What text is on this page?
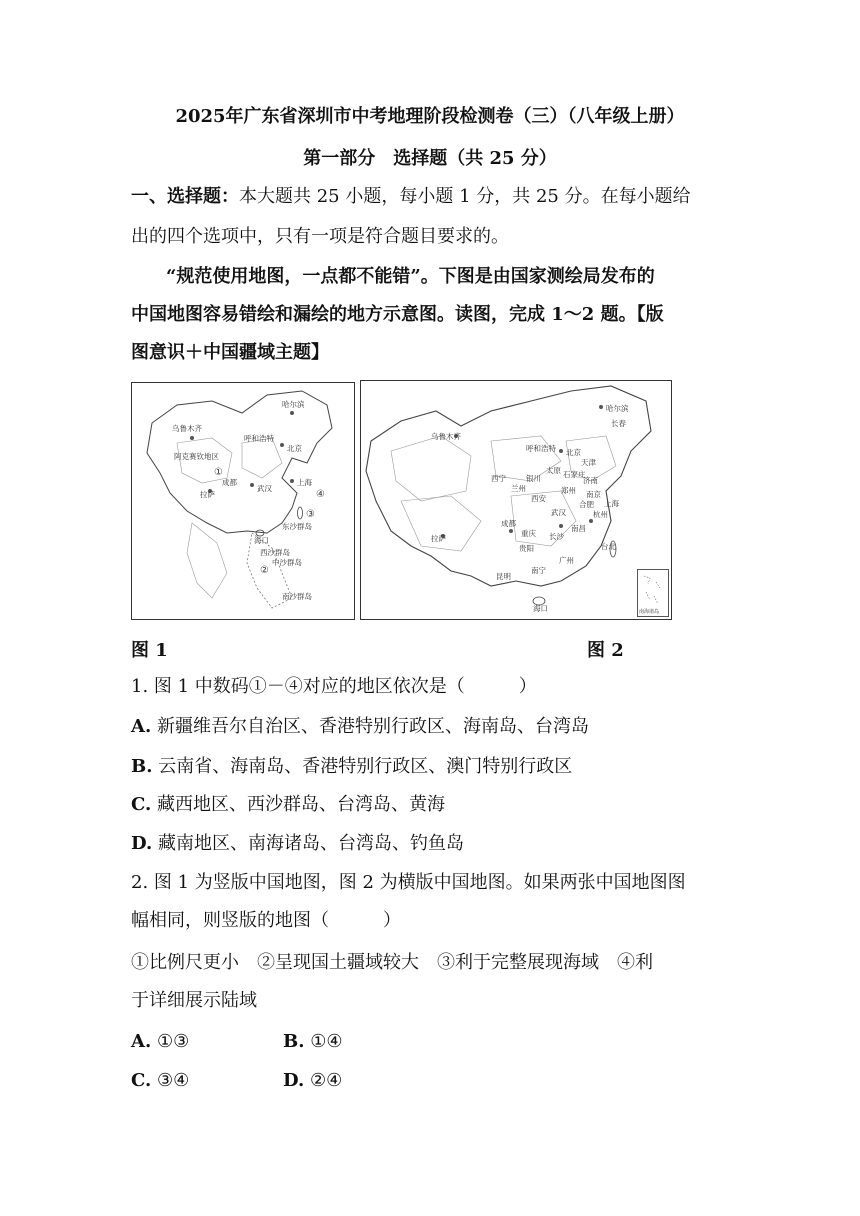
2025年广东省深圳市中考地理阶段检测卷（三）（八年级上册）
第一部分　选择题（共 25 分）
一、选择题：本大题共 25 小题，每小题 1 分，共 25 分。在每小题给
出的四个选项中，只有一项是符合题目要求的。
“规范使用地图，一点都不能错”。下图是由国家测绘局发布的
中国地图容易错绘和漏绘的地方示意图。读图，完成 1～2 题。【版
图意识＋中国疆域主题】
哈尔滨
乌鲁木齐
阿克赛钦地区
呼和浩特
北京
拉萨
成都
武汉
上海
海口
西沙群岛
东沙群岛
中沙群岛
南沙群岛
①
②
③
④
哈尔滨
长春
乌鲁木齐
呼和浩特 北京
天津
太原 石家庄
济南
西宁
兰州
银川
郑州
西安	南京
上海
合肥
武汉	杭州
拉萨
成都
重庆 长沙
南昌
贵阳
昆明
南宁
广州
海口
台北
南海诸岛
图 1	图 2
1. 图 1 中数码①－④对应的地区依次是（　　　）
A. 新疆维吾尔自治区、香港特别行政区、海南岛、台湾岛
B. 云南省、海南岛、香港特别行政区、澳门特别行政区
C. 藏西地区、西沙群岛、台湾岛、黄海
D. 藏南地区、南海诸岛、台湾岛、钓鱼岛
2. 图 1 为竖版中国地图，图 2 为横版中国地图。如果两张中国地图图
幅相同，则竖版的地图（　　　）
①比例尺更小　②呈现国土疆域较大　③利于完整展现海域　④利
于详细展示陆域
A. ①③	B. ①④
C. ③④	D. ②④
